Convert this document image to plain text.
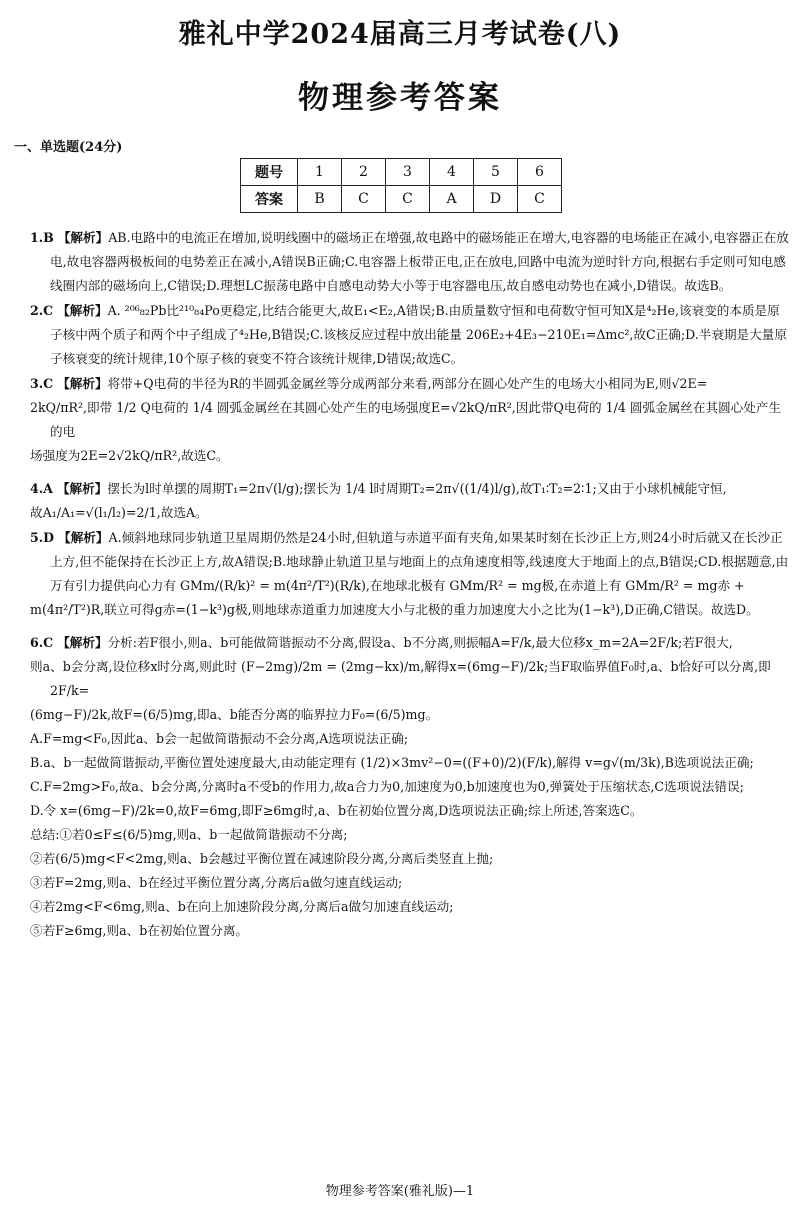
雅礼中学2024届高三月考试卷(八)
物理参考答案
一、单选题(24分)
题号	1	2	3	4	5	6
答案	B	C	C	A	D	C
1.B 【解析】AB.电路中的电流正在增加,说明线圈中的磁场正在增强,故电路中的磁场能正在增大,电容器的电场能正在减小,电容器正在放电,故电容器两极板间的电势差正在减小,A错误B正确;C.电容器上板带正电,正在放电,回路中电流为逆时针方向,根据右手定则可知电感线圈内部的磁场向上,C错误;D.理想LC振荡电路中自感电动势大小等于电容器电压,故自感电动势也在减小,D错误。故选B。
2.C 【解析】A. ²⁰⁶₈₂Pb比²¹⁰₈₄Po更稳定,比结合能更大,故E₁<E₂,A错误;B.由质量数守恒和电荷数守恒可知X是⁴₂He,该衰变的本质是原子核中两个质子和两个中子组成了⁴₂He,B错误;C.该核反应过程中放出能量 206E₂+4E₃−210E₁=Δmc²,故C正确;D.半衰期是大量原子核衰变的统计规律,10个原子核的衰变不符合该统计规律,D错误;故选C。
3.C 【解析】将带+Q电荷的半径为R的半圆弧金属丝等分成两部分来看,两部分在圆心处产生的电场大小相同为E,则√2E=
2kQ/πR²,即带 1/2 Q电荷的 1/4 圆弧金属丝在其圆心处产生的电场强度E=√2kQ/πR²,因此带Q电荷的 1/4 圆弧金属丝在其圆心处产生的电
场强度为2E=2√2kQ/πR²,故选C。
4.A 【解析】摆长为l时单摆的周期T₁=2π√(l/g);摆长为 1/4 l时周期T₂=2π√((1/4)l/g),故T₁∶T₂=2∶1;又由于小球机械能守恒,
故A₁/A₁=√(l₁/l₂)=2/1,故选A。
5.D 【解析】A.倾斜地球同步轨道卫星周期仍然是24小时,但轨道与赤道平面有夹角,如果某时刻在长沙正上方,则24小时后就又在长沙正上方,但不能保持在长沙正上方,故A错误;B.地球静止轨道卫星与地面上的点角速度相等,线速度大于地面上的点,B错误;CD.根据题意,由万有引力提供向心力有 GMm/(R/k)² = m(4π²/T²)(R/k),在地球北极有 GMm/R² = mg极,在赤道上有 GMm/R² = mg赤 +
m(4π²/T²)R,联立可得g赤=(1−k³)g极,则地球赤道重力加速度大小与北极的重力加速度大小之比为(1−k³),D正确,C错误。故选D。
6.C 【解析】分析:若F很小,则a、b可能做简谐振动不分离,假设a、b不分离,则振幅A=F/k,最大位移x_m=2A=2F/k;若F很大,
则a、b会分离,设位移x时分离,则此时 (F−2mg)/2m = (2mg−kx)/m,解得x=(6mg−F)/2k;当F取临界值F₀时,a、b恰好可以分离,即2F/k=
(6mg−F)/2k,故F=(6/5)mg,即a、b能否分离的临界拉力F₀=(6/5)mg。
A.F=mg<F₀,因此a、b会一起做简谐振动不会分离,A选项说法正确;
B.a、b一起做简谐振动,平衡位置处速度最大,由动能定理有 (1/2)×3mv²−0=((F+0)/2)(F/k),解得 v=g√(m/3k),B选项说法正确;
C.F=2mg>F₀,故a、b会分离,分离时a不受b的作用力,故a合力为0,加速度为0,b加速度也为0,弹簧处于压缩状态,C选项说法错误;
D.令 x=(6mg−F)/2k=0,故F=6mg,即F≥6mg时,a、b在初始位置分离,D选项说法正确;综上所述,答案选C。
总结:①若0≤F≤(6/5)mg,则a、b一起做简谐振动不分离;
②若(6/5)mg<F<2mg,则a、b会越过平衡位置在减速阶段分离,分离后类竖直上抛;
③若F=2mg,则a、b在经过平衡位置分离,分离后a做匀速直线运动;
④若2mg<F<6mg,则a、b在向上加速阶段分离,分离后a做匀加速直线运动;
⑤若F≥6mg,则a、b在初始位置分离。
物理参考答案(雅礼版)—1
